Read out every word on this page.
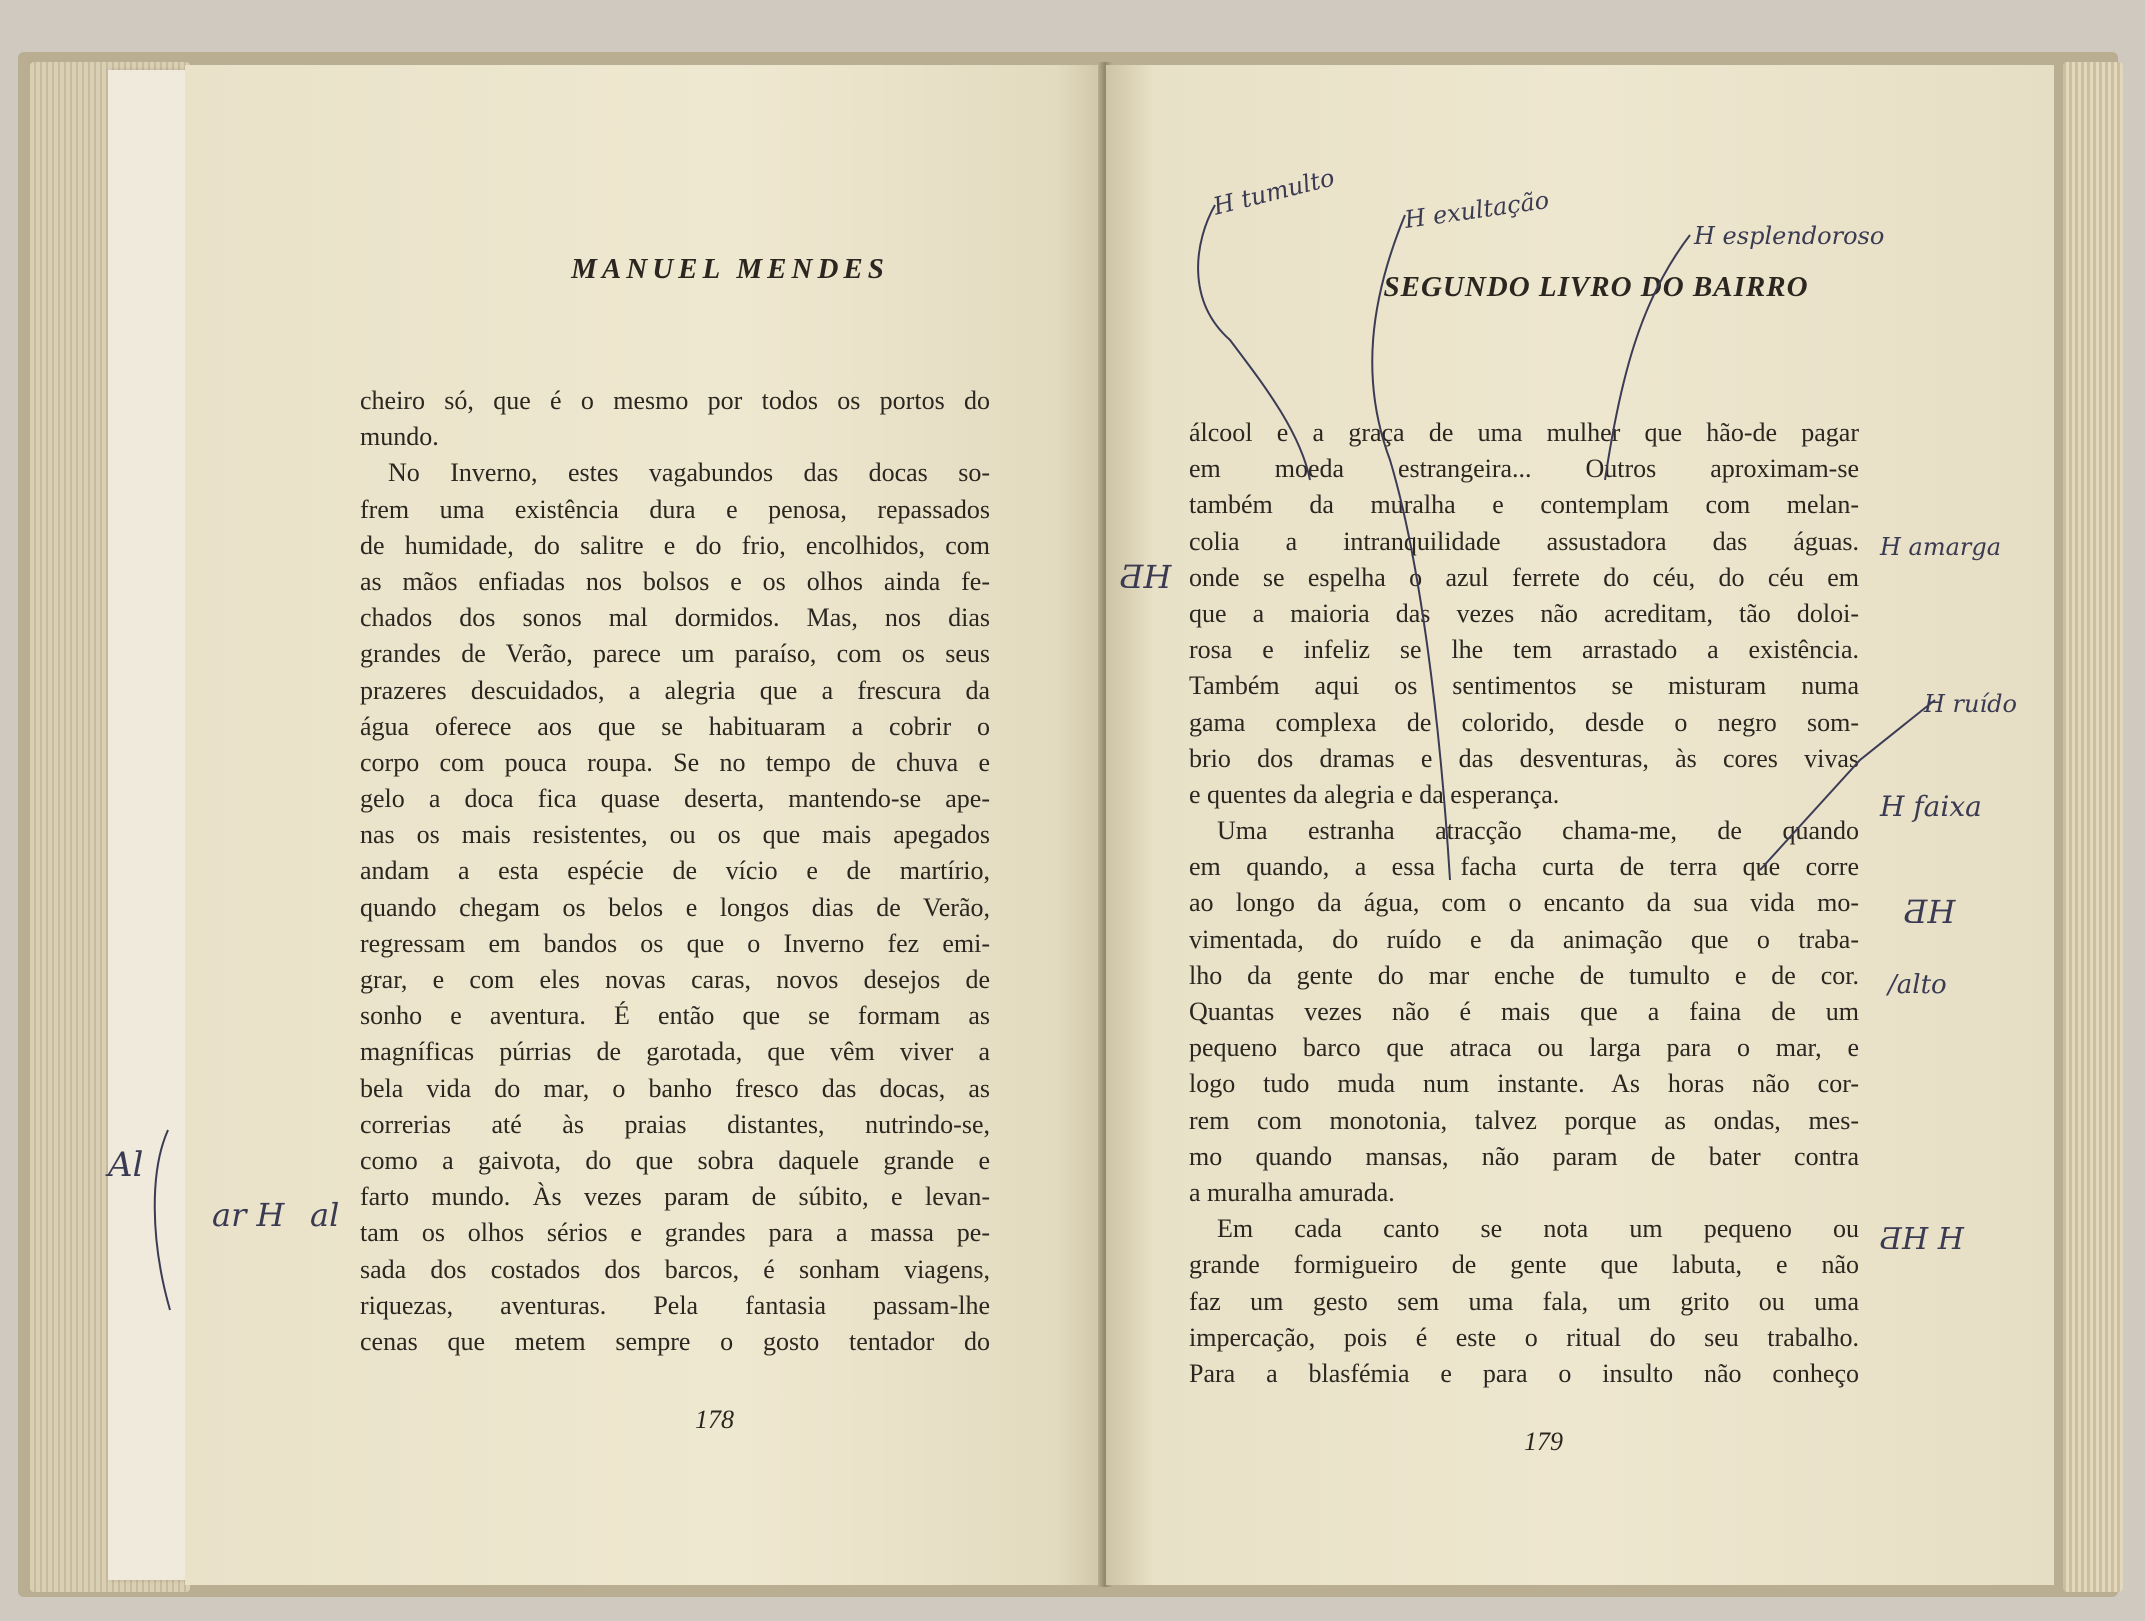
MANUEL MENDES
cheiro só, que é o mesmo por todos os portos do
mundo.
No Inverno, estes vagabundos das docas so-
frem uma existência dura e penosa, repassados
de humidade, do salitre e do frio, encolhidos, com
as mãos enfiadas nos bolsos e os olhos ainda fe-
chados dos sonos mal dormidos. Mas, nos dias
grandes de Verão, parece um paraíso, com os seus
prazeres descuidados, a alegria que a frescura da
água oferece aos que se habituaram a cobrir o
corpo com pouca roupa. Se no tempo de chuva e
gelo a doca fica quase deserta, mantendo-se ape-
nas os mais resistentes, ou os que mais apegados
andam a esta espécie de vício e de martírio,
quando chegam os belos e longos dias de Verão,
regressam em bandos os que o Inverno fez emi-
grar, e com eles novas caras, novos desejos de
sonho e aventura. É então que se formam as
magníficas púrrias de garotada, que vêm viver a
bela vida do mar, o banho fresco das docas, as
correrias até às praias distantes, nutrindo-se,
como a gaivota, do que sobra daquele grande e
farto mundo. Às vezes param de súbito, e levan-
tam os olhos sérios e grandes para a massa pe-
sada dos costados dos barcos, é sonham viagens,
riquezas, aventuras. Pela fantasia passam-lhe
cenas que metem sempre o gosto tentador do
178
SEGUNDO LIVRO DO BAIRRO
álcool e a graça de uma mulher que hão-de pagar
em moeda estrangeira... Outros aproximam-se
também da muralha e contemplam com melan-
colia a intranquilidade assustadora das águas.
onde se espelha o azul ferrete do céu, do céu em
que a maioria das vezes não acreditam, tão doloi-
rosa e infeliz se lhe tem arrastado a existência.
Também aqui os sentimentos se misturam numa
gama complexa de colorido, desde o negro som-
brio dos dramas e das desventuras, às cores vivas
e quentes da alegria e da esperança.
Uma estranha atracção chama-me, de quando
em quando, a essa facha curta de terra que corre
ao longo da água, com o encanto da sua vida mo-
vimentada, do ruído e da animação que o traba-
lho da gente do mar enche de tumulto e de cor.
Quantas vezes não é mais que a faina de um
pequeno barco que atraca ou larga para o mar, e
logo tudo muda num instante. As horas não cor-
rem com monotonia, talvez porque as ondas, mes-
mo quando mansas, não param de bater contra
a muralha amurada.
Em cada canto se nota um pequeno ou
grande formigueiro de gente que labuta, e não
faz um gesto sem uma fala, um grito ou uma
impercação, pois é este o ritual do seu trabalho.
Para a blasfémia e para o insulto não conheço
179
Al
ar H al
H tumulto	H exultação
H esplendoroso
H amarga
H ruído
H faixa
ƋH
/alto
ƋH H
ƋH
